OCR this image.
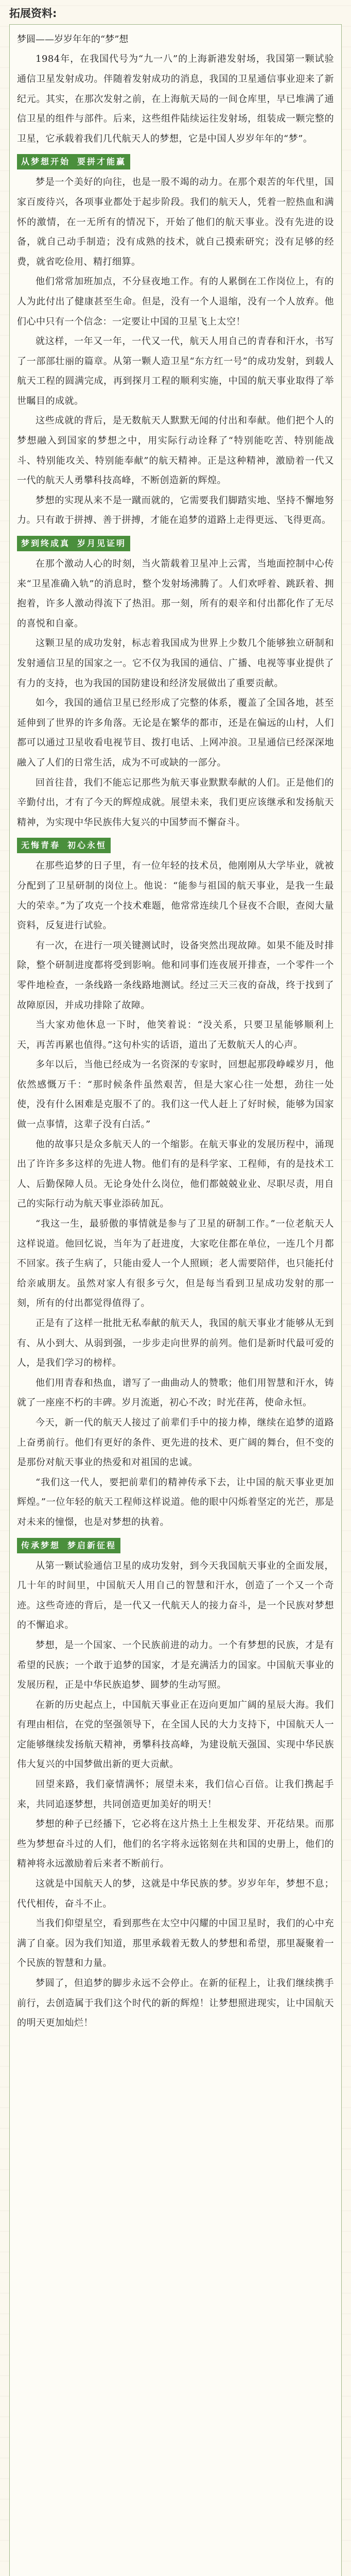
拓展资料:

梦圆——岁岁年年的“梦”想

1984年，在我国代号为“九一八”的上海新港发射场，我国第一颗试验通信卫星发射成功。伴随着发射成功的消息，我国的卫星通信事业迎来了新纪元。其实，在那次发射之前，在上海航天局的一间仓库里，早已堆满了通信卫星的组件与部件。后来，这些组件陆续运往发射场，组装成一颗完整的卫星，它承载着我们几代航天人的梦想，它是中国人岁岁年年的“梦”。

从梦想开始 要拼才能赢

梦是一个美好的向往，也是一股不竭的动力。在那个艰苦的年代里，国家百废待兴，各项事业都处于起步阶段。我们的航天人，凭着一腔热血和满怀的激情，在一无所有的情况下，开始了他们的航天事业。没有先进的设备，就自己动手制造；没有成熟的技术，就自己摸索研究；没有足够的经费，就省吃俭用、精打细算。

他们常常加班加点，不分昼夜地工作。有的人累倒在工作岗位上，有的人为此付出了健康甚至生命。但是，没有一个人退缩，没有一个人放弃。他们心中只有一个信念：一定要让中国的卫星飞上太空！

就这样，一年又一年，一代又一代，航天人用自己的青春和汗水，书写了一部部壮丽的篇章。从第一颗人造卫星“东方红一号”的成功发射，到载人航天工程的圆满完成，再到探月工程的顺利实施，中国的航天事业取得了举世瞩目的成就。

这些成就的背后，是无数航天人默默无闻的付出和奉献。他们把个人的梦想融入到国家的梦想之中，用实际行动诠释了“特别能吃苦、特别能战斗、特别能攻关、特别能奉献”的航天精神。正是这种精神，激励着一代又一代的航天人勇攀科技高峰，不断创造新的辉煌。

梦想的实现从来不是一蹴而就的，它需要我们脚踏实地、坚持不懈地努力。只有敢于拼搏、善于拼搏，才能在追梦的道路上走得更远、飞得更高。

梦到终成真 岁月见证明

在那个激动人心的时刻，当火箭载着卫星冲上云霄，当地面控制中心传来“卫星准确入轨”的消息时，整个发射场沸腾了。人们欢呼着、跳跃着、拥抱着，许多人激动得流下了热泪。那一刻，所有的艰辛和付出都化作了无尽的喜悦和自豪。

这颗卫星的成功发射，标志着我国成为世界上少数几个能够独立研制和发射通信卫星的国家之一。它不仅为我国的通信、广播、电视等事业提供了有力的支持，也为我国的国防建设和经济发展做出了重要贡献。

如今，我国的通信卫星已经形成了完整的体系，覆盖了全国各地，甚至延伸到了世界的许多角落。无论是在繁华的都市，还是在偏远的山村，人们都可以通过卫星收看电视节目、拨打电话、上网冲浪。卫星通信已经深深地融入了人们的日常生活，成为不可或缺的一部分。

回首往昔，我们不能忘记那些为航天事业默默奉献的人们。正是他们的辛勤付出，才有了今天的辉煌成就。展望未来，我们更应该继承和发扬航天精神，为实现中华民族伟大复兴的中国梦而不懈奋斗。

无悔青春 初心永恒

在那些追梦的日子里，有一位年轻的技术员，他刚刚从大学毕业，就被分配到了卫星研制的岗位上。他说：“能参与祖国的航天事业，是我一生最大的荣幸。”为了攻克一个技术难题，他常常连续几个昼夜不合眼，查阅大量资料，反复进行试验。

有一次，在进行一项关键测试时，设备突然出现故障。如果不能及时排除，整个研制进度都将受到影响。他和同事们连夜展开排查，一个零件一个零件地检查，一条线路一条线路地测试。经过三天三夜的奋战，终于找到了故障原因，并成功排除了故障。

当大家劝他休息一下时，他笑着说：“没关系，只要卫星能够顺利上天，再苦再累也值得。”这句朴实的话语，道出了无数航天人的心声。

多年以后，当他已经成为一名资深的专家时，回想起那段峥嵘岁月，他依然感慨万千：“那时候条件虽然艰苦，但是大家心往一处想，劲往一处使，没有什么困难是克服不了的。我们这一代人赶上了好时候，能够为国家做一点事情，这辈子没有白活。”

他的故事只是众多航天人的一个缩影。在航天事业的发展历程中，涌现出了许许多多这样的先进人物。他们有的是科学家、工程师，有的是技术工人、后勤保障人员。无论身处什么岗位，他们都兢兢业业、尽职尽责，用自己的实际行动为航天事业添砖加瓦。

“我这一生，最骄傲的事情就是参与了卫星的研制工作。”一位老航天人这样说道。他回忆说，当年为了赶进度，大家吃住都在单位，一连几个月都不回家。孩子生病了，只能由爱人一个人照顾；老人需要陪伴，也只能托付给亲戚朋友。虽然对家人有很多亏欠，但是每当看到卫星成功发射的那一刻，所有的付出都觉得值得了。

正是有了这样一批批无私奉献的航天人，我国的航天事业才能够从无到有、从小到大、从弱到强，一步步走向世界的前列。他们是新时代最可爱的人，是我们学习的榜样。

他们用青春和热血，谱写了一曲曲动人的赞歌；他们用智慧和汗水，铸就了一座座不朽的丰碑。岁月流逝，初心不改；时光荏苒，使命永恒。

今天，新一代的航天人接过了前辈们手中的接力棒，继续在追梦的道路上奋勇前行。他们有更好的条件、更先进的技术、更广阔的舞台，但不变的是那份对航天事业的热爱和对祖国的忠诚。

“我们这一代人，要把前辈们的精神传承下去，让中国的航天事业更加辉煌。”一位年轻的航天工程师这样说道。他的眼中闪烁着坚定的光芒，那是对未来的憧憬，也是对梦想的执着。

传承梦想 梦启新征程

从第一颗试验通信卫星的成功发射，到今天我国航天事业的全面发展，几十年的时间里，中国航天人用自己的智慧和汗水，创造了一个又一个奇迹。这些奇迹的背后，是一代又一代航天人的接力奋斗，是一个民族对梦想的不懈追求。

梦想，是一个国家、一个民族前进的动力。一个有梦想的民族，才是有希望的民族；一个敢于追梦的国家，才是充满活力的国家。中国航天事业的发展历程，正是中华民族追梦、圆梦的生动写照。

在新的历史起点上，中国航天事业正在迈向更加广阔的星辰大海。我们有理由相信，在党的坚强领导下，在全国人民的大力支持下，中国航天人一定能够继续发扬航天精神，勇攀科技高峰，为建设航天强国、实现中华民族伟大复兴的中国梦做出新的更大贡献。

回望来路，我们豪情满怀；展望未来，我们信心百倍。让我们携起手来，共同追逐梦想，共同创造更加美好的明天！

梦想的种子已经播下，它必将在这片热土上生根发芽、开花结果。而那些为梦想奋斗过的人们，他们的名字将永远铭刻在共和国的史册上，他们的精神将永远激励着后来者不断前行。

这就是中国航天人的梦，这就是中华民族的梦。岁岁年年，梦想不息；代代相传，奋斗不止。

当我们仰望星空，看到那些在太空中闪耀的中国卫星时，我们的心中充满了自豪。因为我们知道，那里承载着无数人的梦想和希望，那里凝聚着一个民族的智慧和力量。

梦圆了，但追梦的脚步永远不会停止。在新的征程上，让我们继续携手前行，去创造属于我们这个时代的新的辉煌！让梦想照进现实，让中国航天的明天更加灿烂！
